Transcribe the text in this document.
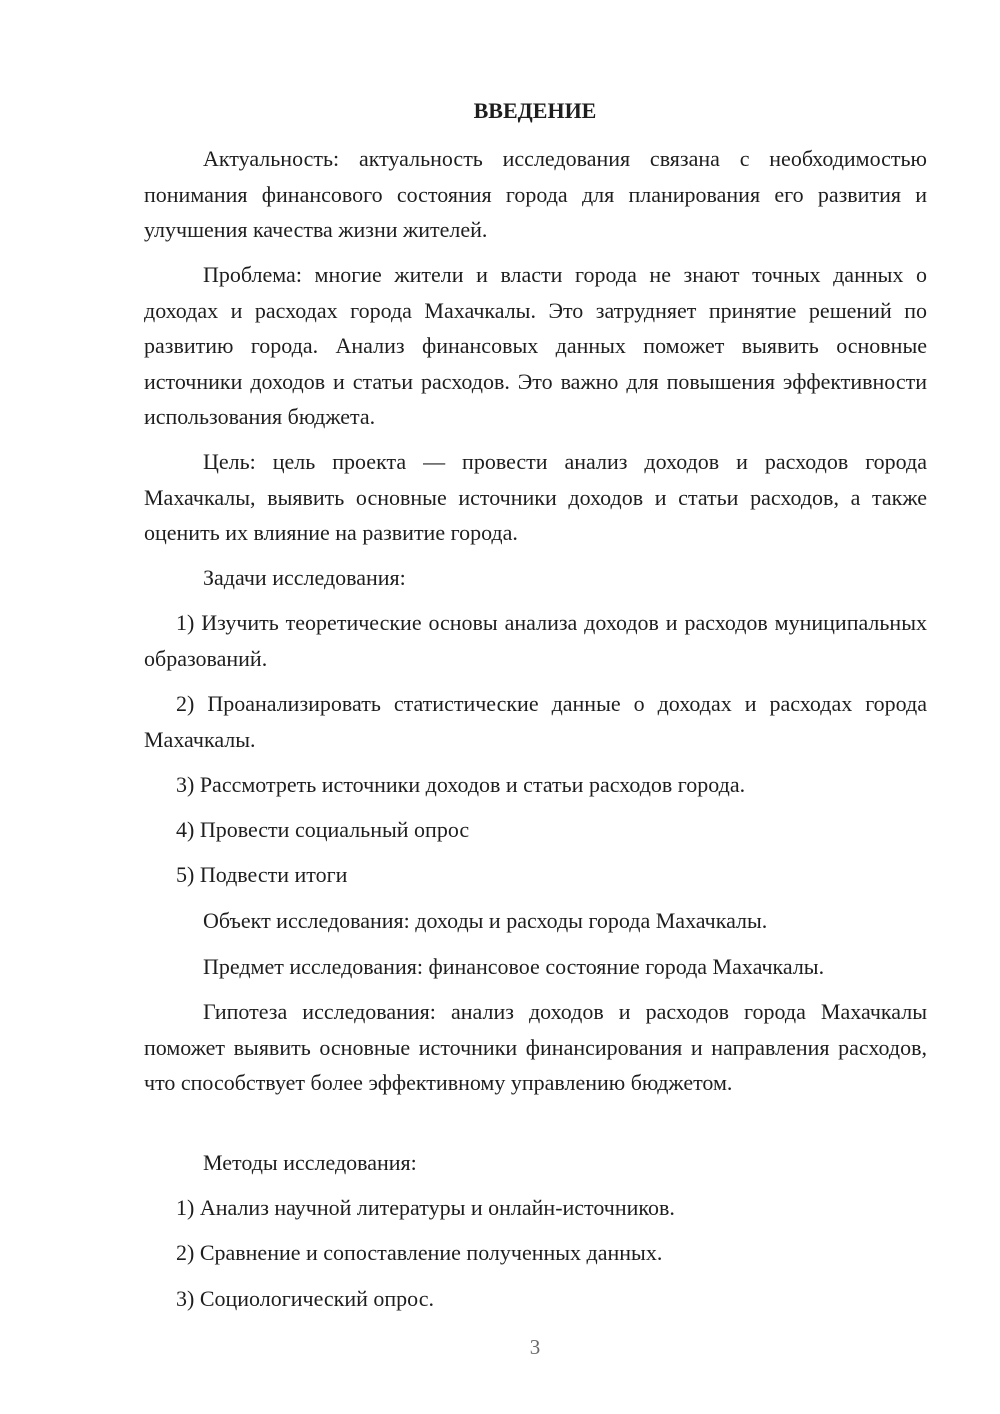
ВВЕДЕНИЕ

Актуальность: актуальность исследования связана с необходимостью понимания финансового состояния города для планирования его развития и улучшения качества жизни жителей.

Проблема: многие жители и власти города не знают точных данных о доходах и расходах города Махачкалы. Это затрудняет принятие решений по развитию города. Анализ финансовых данных поможет выявить основные источники доходов и статьи расходов. Это важно для повышения эффективности использования бюджета.

Цель: цель проекта — провести анализ доходов и расходов города Махачкалы, выявить основные источники доходов и статьи расходов, а также оценить их влияние на развитие города.

Задачи исследования:

1) Изучить теоретические основы анализа доходов и расходов муниципальных образований.

2) Проанализировать статистические данные о доходах и расходах города Махачкалы.

3) Рассмотреть источники доходов и статьи расходов города.

4) Провести социальный опрос

5) Подвести итоги

Объект исследования: доходы и расходы города Махачкалы.

Предмет исследования: финансовое состояние города Махачкалы.

Гипотеза исследования: анализ доходов и расходов города Махачкалы поможет выявить основные источники финансирования и направления расходов, что способствует более эффективному управлению бюджетом.

Методы исследования:

1) Анализ научной литературы и онлайн-источников.

2) Сравнение и сопоставление полученных данных.

3) Социологический опрос.

3
